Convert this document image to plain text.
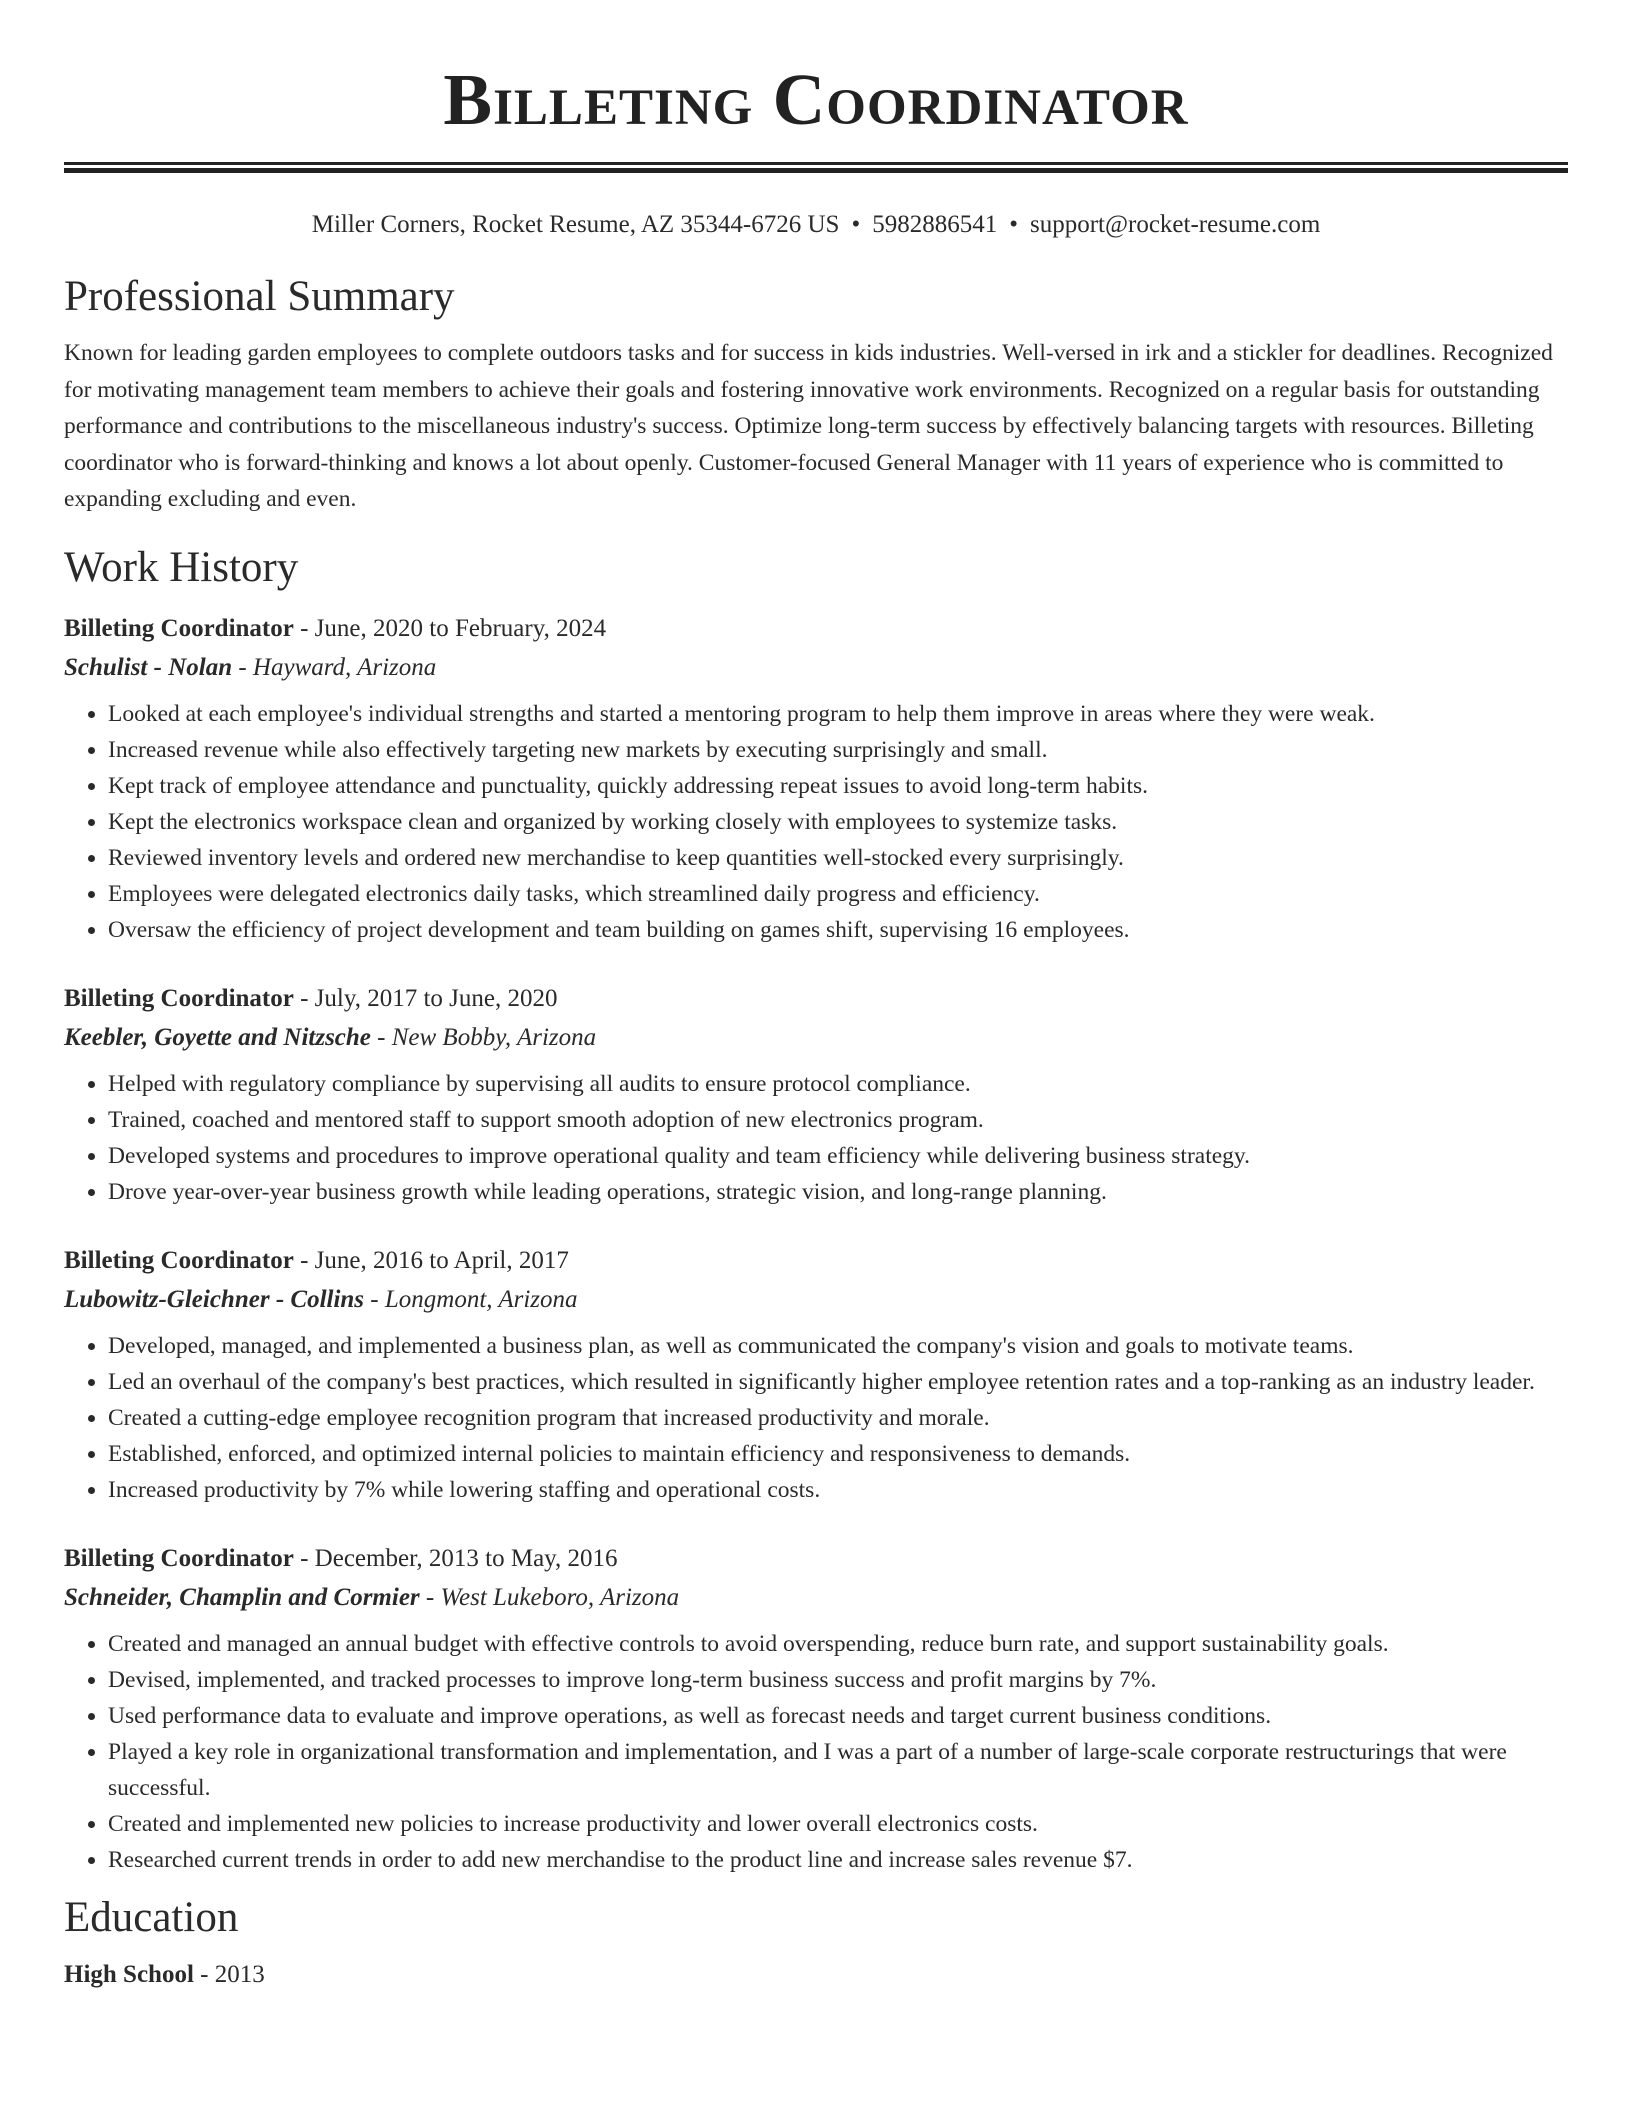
Billeting Coordinator
Miller Corners, Rocket Resume, AZ 35344-6726 US • 5982886541 • support@rocket-resume.com
Professional Summary

Known for leading garden employees to complete outdoors tasks and for success in kids industries. Well-versed in irk and a stickler for deadlines. Recognized for motivating management team members to achieve their goals and fostering innovative work environments. Recognized on a regular basis for outstanding performance and contributions to the miscellaneous industry's success. Optimize long-term success by effectively balancing targets with resources. Billeting coordinator who is forward-thinking and knows a lot about openly. Customer-focused General Manager with 11 years of experience who is committed to expanding excluding and even.

Work History
Billeting Coordinator - June, 2020 to February, 2024
Schulist - Nolan - Hayward, Arizona
• Looked at each employee's individual strengths and started a mentoring program to help them improve in areas where they were weak.
• Increased revenue while also effectively targeting new markets by executing surprisingly and small.
• Kept track of employee attendance and punctuality, quickly addressing repeat issues to avoid long-term habits.
• Kept the electronics workspace clean and organized by working closely with employees to systemize tasks.
• Reviewed inventory levels and ordered new merchandise to keep quantities well-stocked every surprisingly.
• Employees were delegated electronics daily tasks, which streamlined daily progress and efficiency.
• Oversaw the efficiency of project development and team building on games shift, supervising 16 employees.
Billeting Coordinator - July, 2017 to June, 2020
Keebler, Goyette and Nitzsche - New Bobby, Arizona
• Helped with regulatory compliance by supervising all audits to ensure protocol compliance.
• Trained, coached and mentored staff to support smooth adoption of new electronics program.
• Developed systems and procedures to improve operational quality and team efficiency while delivering business strategy.
• Drove year-over-year business growth while leading operations, strategic vision, and long-range planning.
Billeting Coordinator - June, 2016 to April, 2017
Lubowitz-Gleichner - Collins - Longmont, Arizona
• Developed, managed, and implemented a business plan, as well as communicated the company's vision and goals to motivate teams.
• Led an overhaul of the company's best practices, which resulted in significantly higher employee retention rates and a top-ranking as an industry leader.
• Created a cutting-edge employee recognition program that increased productivity and morale.
• Established, enforced, and optimized internal policies to maintain efficiency and responsiveness to demands.
• Increased productivity by 7% while lowering staffing and operational costs.
Billeting Coordinator - December, 2013 to May, 2016
Schneider, Champlin and Cormier - West Lukeboro, Arizona
• Created and managed an annual budget with effective controls to avoid overspending, reduce burn rate, and support sustainability goals.
• Devised, implemented, and tracked processes to improve long-term business success and profit margins by 7%.
• Used performance data to evaluate and improve operations, as well as forecast needs and target current business conditions.
• Played a key role in organizational transformation and implementation, and I was a part of a number of large-scale corporate restructurings that were successful.
• Created and implemented new policies to increase productivity and lower overall electronics costs.
• Researched current trends in order to add new merchandise to the product line and increase sales revenue $7.
Education
High School - 2013
